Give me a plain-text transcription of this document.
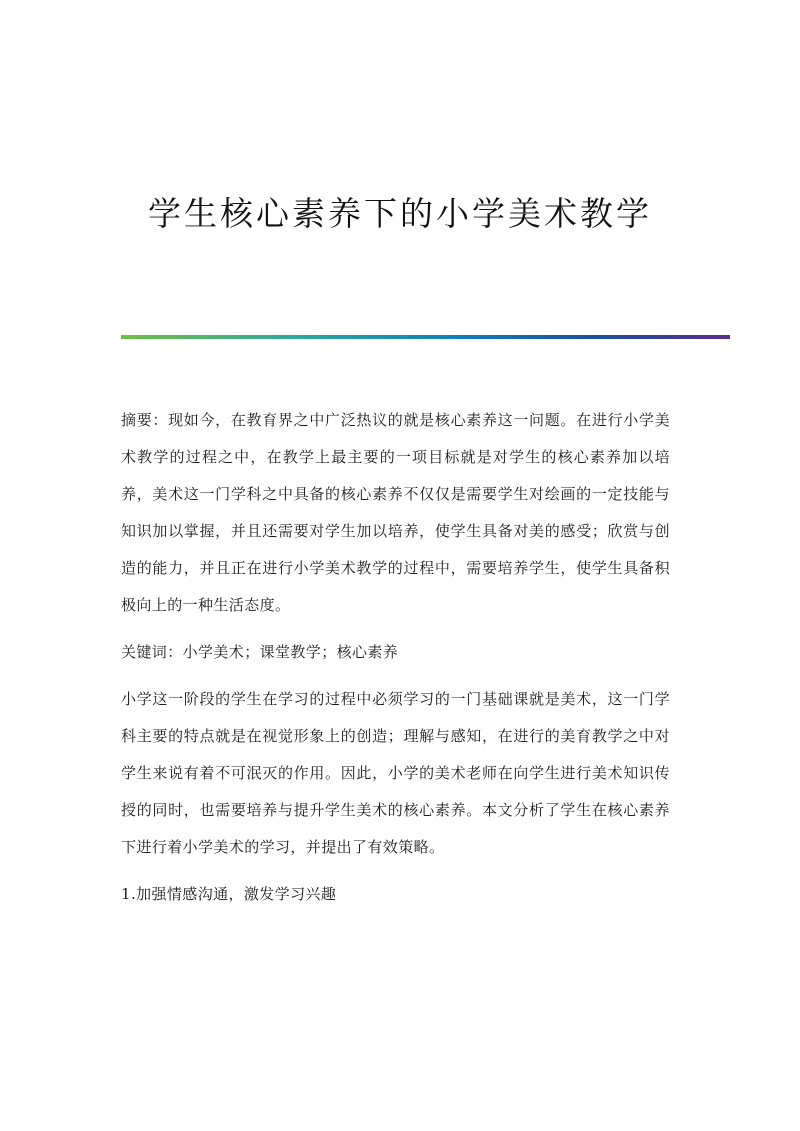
学生核心素养下的小学美术教学

摘要：现如今，在教育界之中广泛热议的就是核心素养这一问题。在进行小学美术教学的过程之中，在教学上最主要的一项目标就是对学生的核心素养加以培养，美术这一门学科之中具备的核心素养不仅仅是需要学生对绘画的一定技能与知识加以掌握，并且还需要对学生加以培养，使学生具备对美的感受；欣赏与创造的能力，并且正在进行小学美术教学的过程中，需要培养学生，使学生具备积极向上的一种生活态度。

关键词：小学美术；课堂教学；核心素养

小学这一阶段的学生在学习的过程中必须学习的一门基础课就是美术，这一门学科主要的特点就是在视觉形象上的创造；理解与感知，在进行的美育教学之中对学生来说有着不可泯灭的作用。因此，小学的美术老师在向学生进行美术知识传授的同时，也需要培养与提升学生美术的核心素养。本文分析了学生在核心素养下进行着小学美术的学习，并提出了有效策略。

1.加强情感沟通，激发学习兴趣
